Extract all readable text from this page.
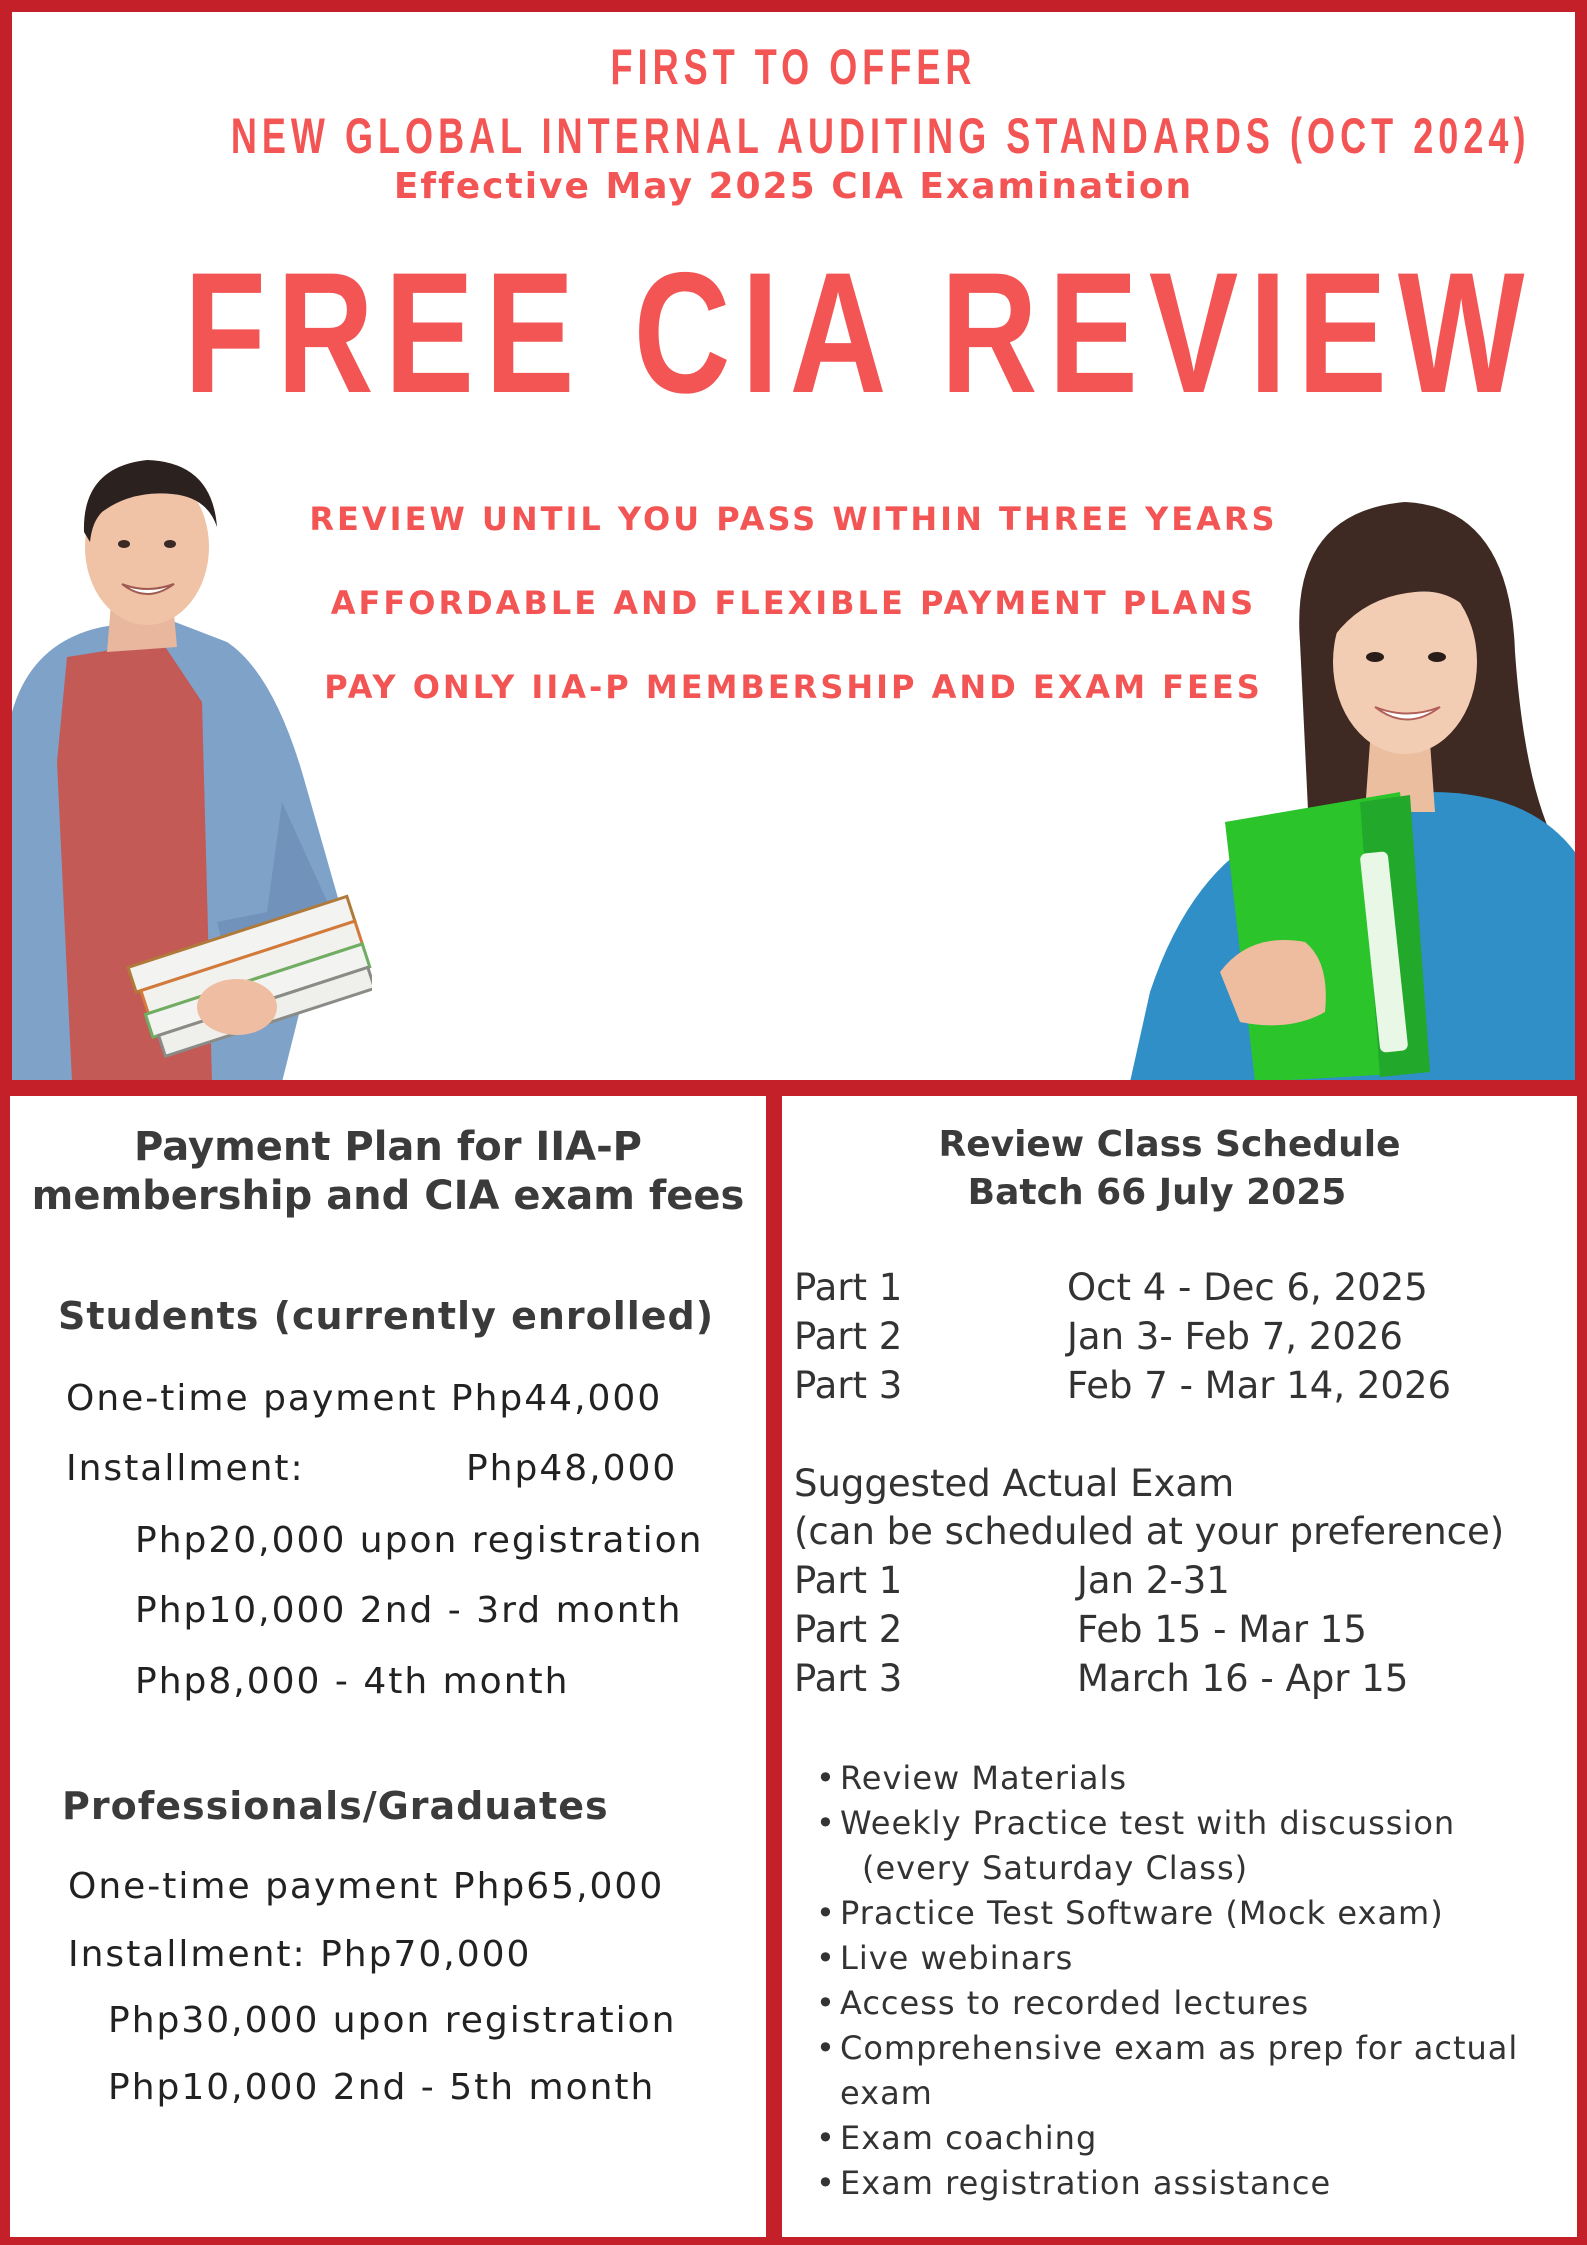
FIRST TO OFFER
NEW GLOBAL INTERNAL AUDITING STANDARDS (OCT 2024)
Effective May 2025 CIA Examination
FREE CIA REVIEW
REVIEW UNTIL YOU PASS WITHIN THREE YEARS
AFFORDABLE AND FLEXIBLE PAYMENT PLANS
PAY ONLY IIA-P MEMBERSHIP AND EXAM FEES
Payment Plan for IIA-P
membership and CIA exam fees
Students (currently enrolled)
One-time payment Php44,000
Installment:            Php48,000
Php20,000 upon registration
Php10,000 2nd - 3rd month
Php8,000 - 4th month
Professionals/Graduates
One-time payment Php65,000
Installment: Php70,000
Php30,000 upon registration
Php10,000 2nd - 5th month
Review Class Schedule
Batch 66 July 2025
Part 1	Oct 4 - Dec 6, 2025
Part 2	Jan 3- Feb 7, 2026
Part 3	Feb 7 - Mar 14, 2026
Suggested Actual Exam
(can be scheduled at your preference)
Part 1	Jan 2-31
Part 2	Feb 15 - Mar 15
Part 3	March 16 - Apr 15
• Review Materials
• Weekly Practice test with discussion
(every Saturday Class)
• Practice Test Software (Mock exam)
• Live webinars
• Access to recorded lectures
• Comprehensive exam as prep for actual
exam
• Exam coaching
• Exam registration assistance
